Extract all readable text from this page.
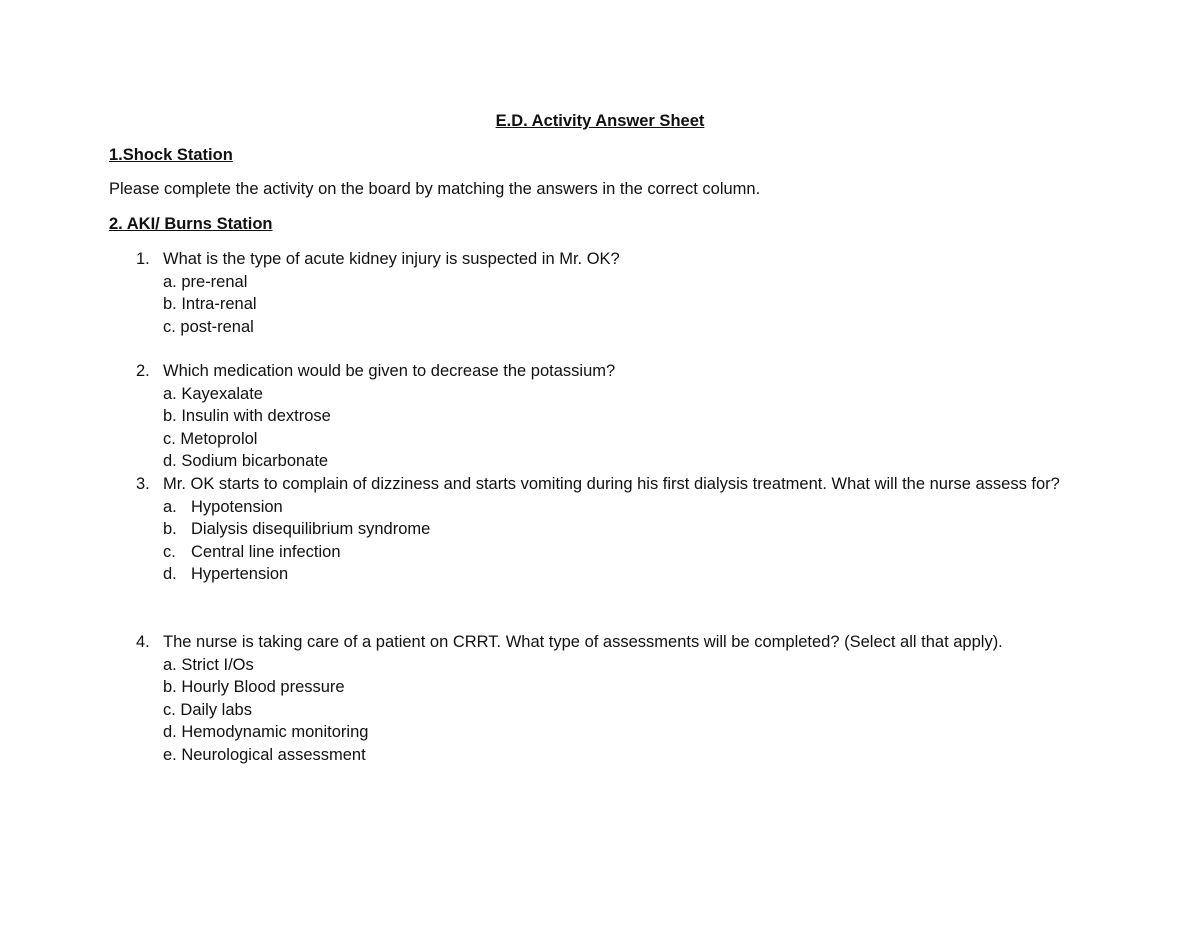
E.D. Activity Answer Sheet
1.Shock Station
Please complete the activity on the board by matching the answers in the correct column.
2. AKI/ Burns Station
1. What is the type of acute kidney injury is suspected in Mr. OK?
a. pre-renal
b. Intra-renal
c. post-renal
2. Which medication would be given to decrease the potassium?
a. Kayexalate
b. Insulin with dextrose
c. Metoprolol
d. Sodium bicarbonate
3. Mr. OK starts to complain of dizziness and starts vomiting during his first dialysis treatment. What will the nurse assess for?
a. Hypotension
b. Dialysis disequilibrium syndrome
c. Central line infection
d. Hypertension
4. The nurse is taking care of a patient on CRRT. What type of assessments will be completed? (Select all that apply).
a. Strict I/Os
b. Hourly Blood pressure
c. Daily labs
d. Hemodynamic monitoring
e. Neurological assessment
